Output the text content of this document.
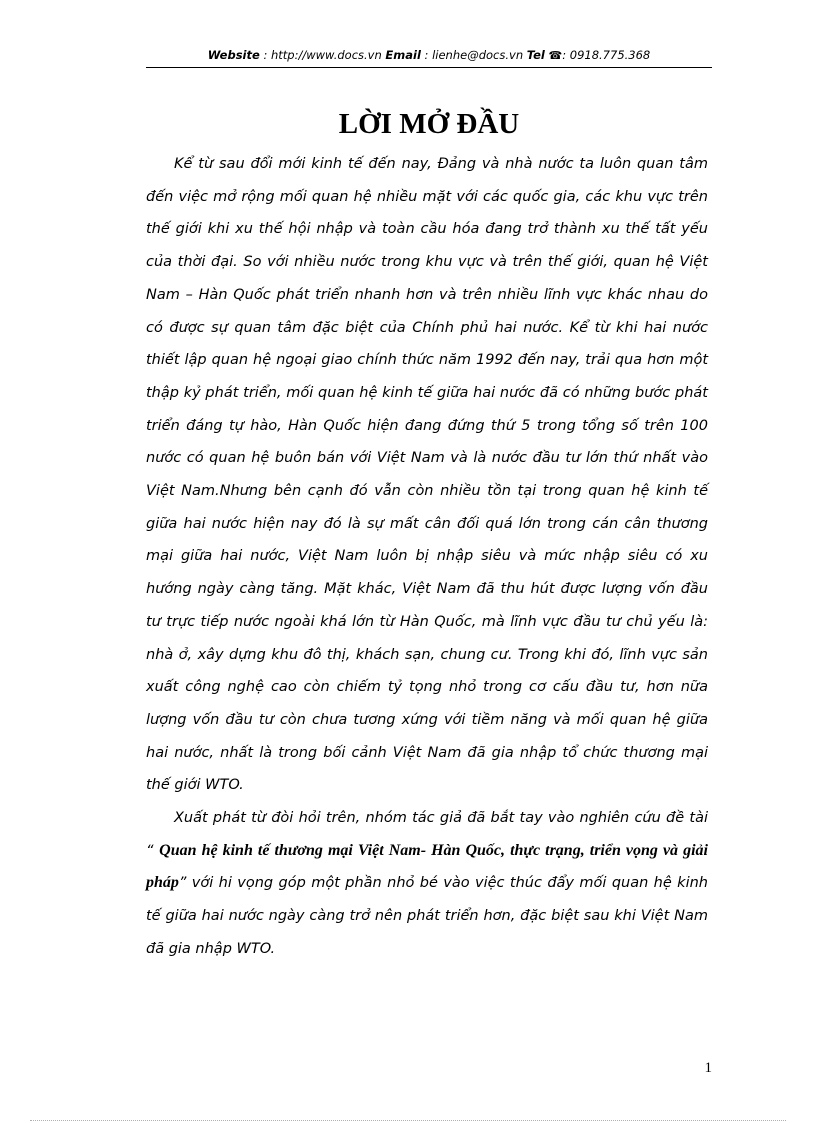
Website : http://www.docs.vn Email : lienhe@docs.vn Tel ☎: 0918.775.368
LỜI MỞ ĐẦU

Kể từ sau đổi mới kinh tế đến nay, Đảng và nhà nước ta luôn quan tâm đến việc mở rộng mối quan hệ nhiều mặt với các quốc gia, các khu vực trên thế giới khi xu thế hội nhập và toàn cầu hóa đang trở thành xu thế tất yếu của thời đại. So với nhiều nước trong khu vực và trên thế giới, quan hệ Việt Nam – Hàn Quốc phát triển nhanh hơn và trên nhiều lĩnh vực khác nhau do có được sự quan tâm đặc biệt của Chính phủ hai nước. Kể từ khi hai nước thiết lập quan hệ ngoại giao chính thức năm 1992 đến nay, trải qua hơn một thập kỷ phát triển, mối quan hệ kinh tế giữa hai nước đã có những bước phát triển đáng tự hào, Hàn Quốc hiện đang đứng thứ 5 trong tổng số trên 100 nước có quan hệ buôn bán với Việt Nam và là nước đầu tư lớn thứ nhất vào Việt Nam.Nhưng bên cạnh đó vẫn còn nhiều tồn tại trong quan hệ kinh tế giữa hai nước hiện nay đó là sự mất cân đối quá lớn trong cán cân thương mại giữa hai nước, Việt Nam luôn bị nhập siêu và mức nhập siêu có xu hướng ngày càng tăng. Mặt khác, Việt Nam đã thu hút được lượng vốn đầu tư trực tiếp nước ngoài khá lớn từ Hàn Quốc, mà lĩnh vực đầu tư chủ yếu là: nhà ở, xây dựng khu đô thị, khách sạn, chung cư. Trong khi đó, lĩnh vực sản xuất công nghệ cao còn chiếm tỷ tọng nhỏ trong cơ cấu đầu tư, hơn nữa lượng vốn đầu tư còn chưa tương xứng với tiềm năng và mối quan hệ giữa hai nước, nhất là trong bối cảnh Việt Nam đã gia nhập tổ chức thương mại thế giới WTO.

Xuất phát từ đòi hỏi trên, nhóm tác giả đã bắt tay vào nghiên cứu đề tài “ Quan hệ kinh tế thương mại Việt Nam- Hàn Quốc, thực trạng, triển vọng và giải pháp” với hi vọng góp một phần nhỏ bé vào việc thúc đẩy mối quan hệ kinh tế giữa hai nước ngày càng trở nên phát triển hơn, đặc biệt sau khi Việt Nam đã gia nhập WTO.

1
